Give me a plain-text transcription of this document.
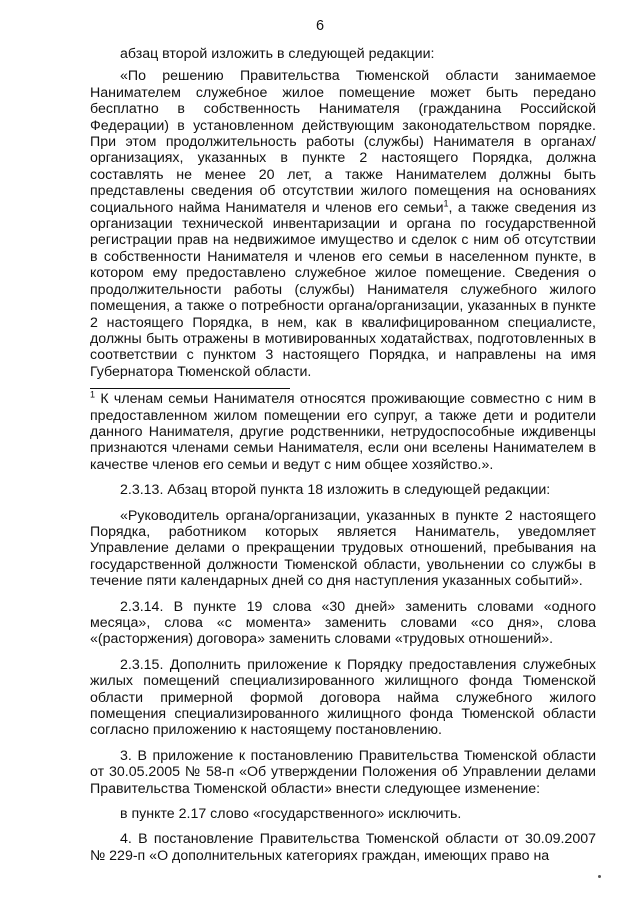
6

абзац второй изложить в следующей редакции:

«По решению Правительства Тюменской области занимаемое Нанимателем служебное жилое помещение может быть передано бесплатно в собственность Нанимателя (гражданина Российской Федерации) в установленном действующим законодательством порядке. При этом продолжительность работы (службы) Нанимателя в органах/организациях, указанных в пункте 2 настоящего Порядка, должна составлять не менее 20 лет, а также Нанимателем должны быть представлены сведения об отсутствии жилого помещения на основаниях социального найма Нанимателя и членов его семьи$^1$, а также сведения из организации технической инвентаризации и органа по государственной регистрации прав на недвижимое имущество и сделок с ним об отсутствии в собственности Нанимателя и членов его семьи в населенном пункте, в котором ему предоставлено служебное жилое помещение. Сведения о продолжительности работы (службы) Нанимателя служебного жилого помещения, а также о потребности органа/организации, указанных в пункте 2 настоящего Порядка, в нем, как в квалифицированном специалисте, должны быть отражены в мотивированных ходатайствах, подготовленных в соответствии с пунктом 3 настоящего Порядка, и направлены на имя Губернатора Тюменской области.

$^1$ К членам семьи Нанимателя относятся проживающие совместно с ним в предоставленном жилом помещении его супруг, а также дети и родители данного Нанимателя, другие родственники, нетрудоспособные иждивенцы признаются членами семьи Нанимателя, если они вселены Нанимателем в качестве членов его семьи и ведут с ним общее хозяйство.».

2.3.13. Абзац второй пункта 18 изложить в следующей редакции:

«Руководитель органа/организации, указанных в пункте 2 настоящего Порядка, работником которых является Наниматель, уведомляет Управление делами о прекращении трудовых отношений, пребывания на государственной должности Тюменской области, увольнении со службы в течение пяти календарных дней со дня наступления указанных событий».

2.3.14. В пункте 19 слова «30 дней» заменить словами «одного месяца», слова «с момента» заменить словами «со дня», слова «(расторжения) договора» заменить словами «трудовых отношений».

2.3.15. Дополнить приложение к Порядку предоставления служебных жилых помещений специализированного жилищного фонда Тюменской области примерной формой договора найма служебного жилого помещения специализированного жилищного фонда Тюменской области согласно приложению к настоящему постановлению.

3. В приложение к постановлению Правительства Тюменской области от 30.05.2005 № 58-п «Об утверждении Положения об Управлении делами Правительства Тюменской области» внести следующее изменение:

в пункте 2.17 слово «государственного» исключить.

4. В постановление Правительства Тюменской области от 30.09.2007 № 229-п «О дополнительных категориях граждан, имеющих право на
